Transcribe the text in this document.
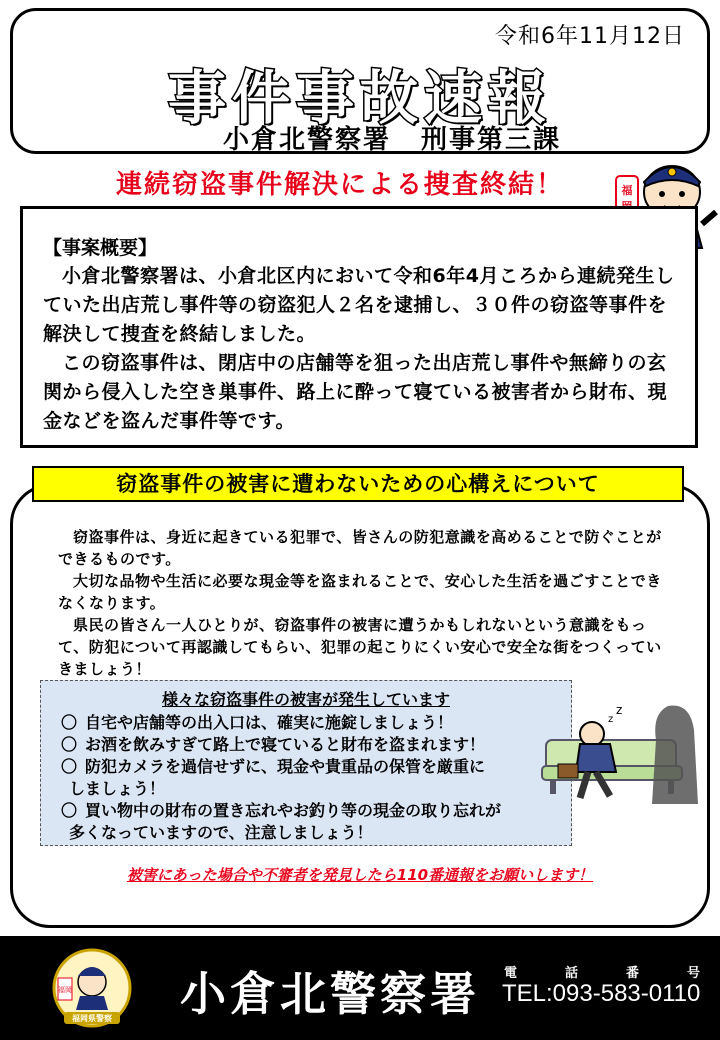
令和6年11月12日
事件事故速報
小倉北警察署 刑事第三課
連続窃盗事件解決による捜査終結！	福
【事案概要】

小倉北警察署は、小倉北区内において令和6年4月ころから連続発生していた出店荒し事件等の窃盗犯人２名を逮捕し、３０件の窃盗等事件を解決して捜査を終結しました。

この窃盗事件は、閉店中の店舗等を狙った出店荒し事件や無締りの玄関から侵入した空き巣事件、路上に酔って寝ている被害者から財布、現金などを盗んだ事件等です。

窃盗事件の被害に遭わないための心構えについて

窃盗事件は、身近に起きている犯罪で、皆さんの防犯意識を高めることで防ぐことができるものです。

大切な品物や生活に必要な現金等を盗まれることで、安心した生活を過ごすことできなくなります。

県民の皆さん一人ひとりが、窃盗事件の被害に遭うかもしれないという意識をもって、防犯について再認識してもらい、犯罪の起こりにくい安心で安全な街をつくっていきましょう！

様々な窃盗事件の被害が発生しています
〇 自宅や店舗等の出入口は、確実に施錠しましょう！
〇 お酒を飲みすぎて路上で寝ていると財布を盗まれます！
〇 防犯カメラを過信せずに、現金や貴重品の保管を厳重に
しましょう！
〇 買い物中の財布の置き忘れやお釣り等の現金の取り忘れが
多くなっていますので、注意しましょう！
z
z
被害にあった場合や不審者を発見したら110番通報をお願いします！
福岡
福岡県警察 小倉北警察署 電	話	番	号
TEL:093-583-0110
